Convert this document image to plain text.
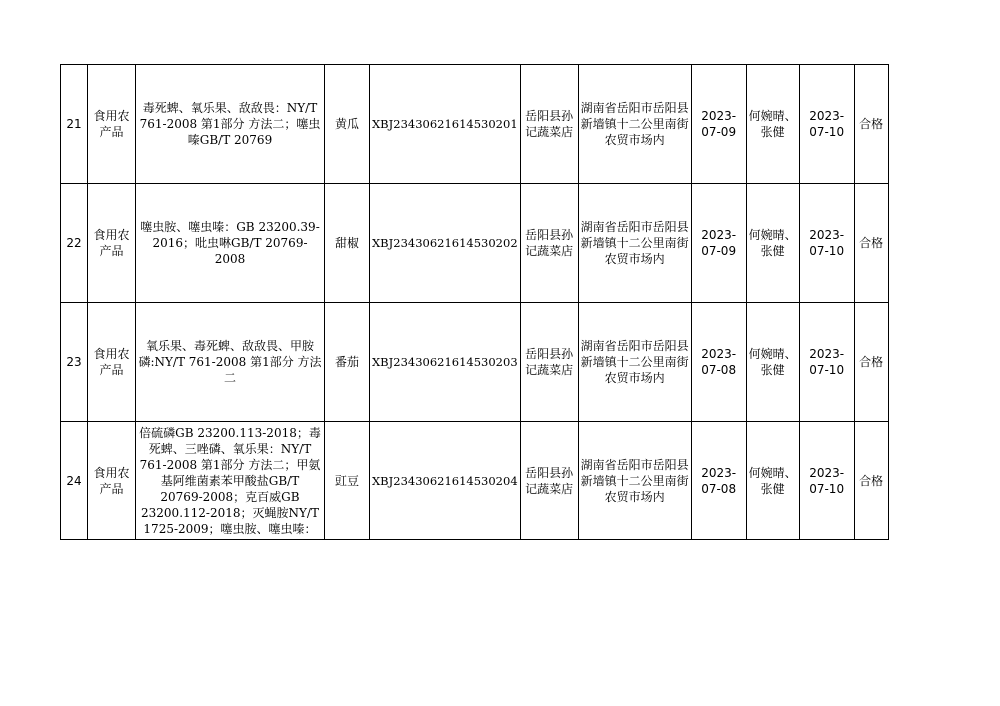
21	食用农产品	毒死蜱、氧乐果、敌敌畏：NY/T 761-2008 第1部分 方法二；噻虫嗪GB/T 20769	黄瓜	XBJ23430621614530201	岳阳县孙记蔬菜店	湖南省岳阳市岳阳县新墙镇十二公里南街农贸市场内	2023-07-09	何婉晴、张健	2023-07-10	合格
22	食用农产品	噻虫胺、噻虫嗪：GB 23200.39-2016；吡虫啉GB/T 20769-2008	甜椒	XBJ23430621614530202	岳阳县孙记蔬菜店	湖南省岳阳市岳阳县新墙镇十二公里南街农贸市场内	2023-07-09	何婉晴、张健	2023-07-10	合格
23	食用农产品	氧乐果、毒死蜱、敌敌畏、甲胺磷:NY/T 761-2008 第1部分 方法二	番茄	XBJ23430621614530203	岳阳县孙记蔬菜店	湖南省岳阳市岳阳县新墙镇十二公里南街农贸市场内	2023-07-08	何婉晴、张健	2023-07-10	合格
24	食用农产品	倍硫磷GB 23200.113-2018；毒死蜱、三唑磷、氧乐果：NY/T 761-2008 第1部分 方法二；甲氨基阿维菌素苯甲酸盐GB/T 20769-2008；克百威GB 23200.112-2018；灭蝇胺NY/T 1725-2009；噻虫胺、噻虫嗪：	豇豆	XBJ23430621614530204	岳阳县孙记蔬菜店	湖南省岳阳市岳阳县新墙镇十二公里南街农贸市场内	2023-07-08	何婉晴、张健	2023-07-10	合格
